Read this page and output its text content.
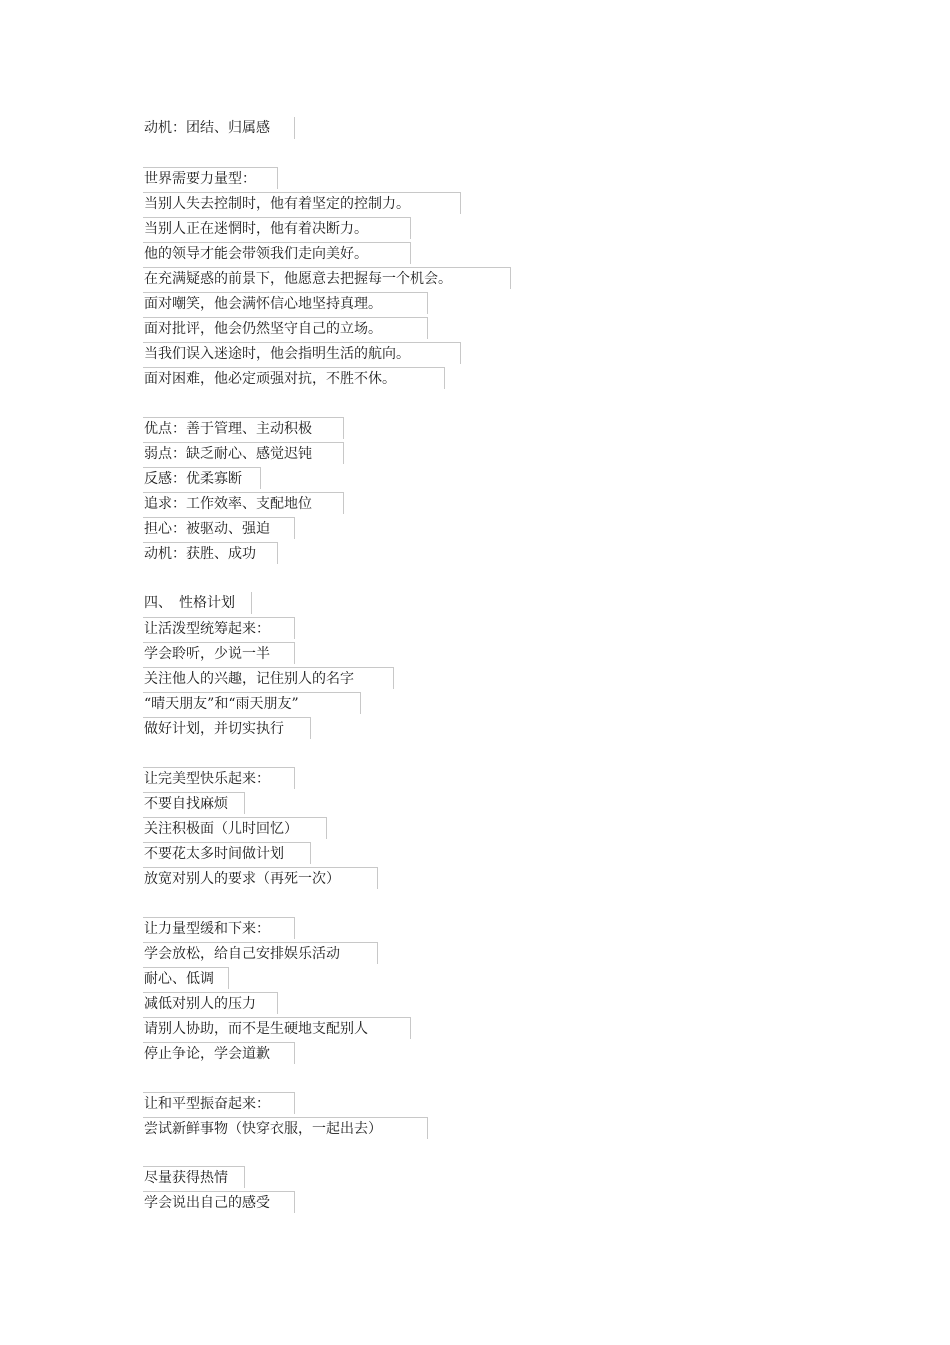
动机：团结、归属感
世界需要力量型：
当别人失去控制时，他有着坚定的控制力。
当别人正在迷惘时，他有着决断力。
他的领导才能会带领我们走向美好。
在充满疑惑的前景下，他愿意去把握每一个机会。
面对嘲笑，他会满怀信心地坚持真理。
面对批评，他会仍然坚守自己的立场。
当我们误入迷途时，他会指明生活的航向。
面对困难，他必定顽强对抗，不胜不休。
优点：善于管理、主动积极
弱点：缺乏耐心、感觉迟钝
反感：优柔寡断
追求：工作效率、支配地位
担心：被驱动、强迫
动机：获胜、成功
四、　性格计划
让活泼型统筹起来：
学会聆听，少说一半
关注他人的兴趣，记住别人的名字
“晴天朋友”和“雨天朋友”
做好计划，并切实执行
让完美型快乐起来：
不要自找麻烦
关注积极面（儿时回忆）
不要花太多时间做计划
放宽对别人的要求（再死一次）
让力量型缓和下来：
学会放松，给自己安排娱乐活动
耐心、低调
减低对别人的压力
请别人协助，而不是生硬地支配别人
停止争论，学会道歉
让和平型振奋起来：
尝试新鲜事物（快穿衣服，一起出去）
尽量获得热情
学会说出自己的感受
